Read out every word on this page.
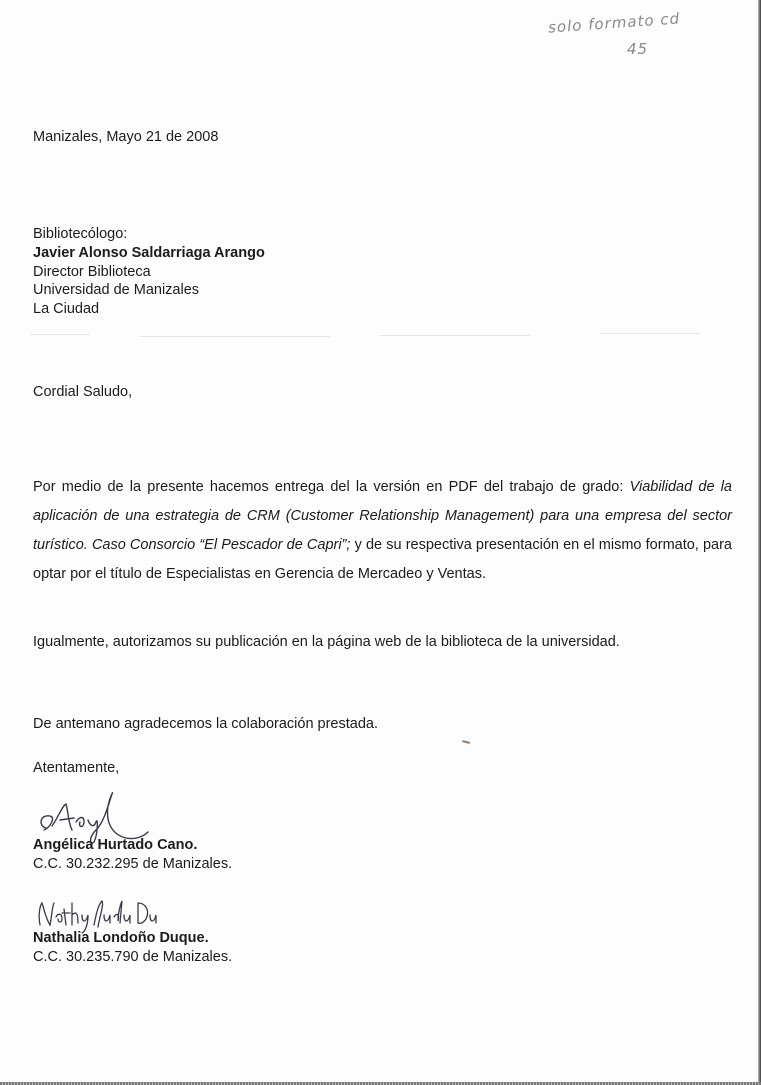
solo formato cd
45
Manizales, Mayo 21 de 2008
Bibliotecólogo:
Javier Alonso Saldarriaga Arango
Director Biblioteca
Universidad de Manizales
La Ciudad
Cordial Saludo,
Por medio de la presente hacemos entrega del la versión en PDF del trabajo de grado: Viabilidad de la aplicación de una estrategia de CRM (Customer Relationship Management) para una empresa del sector turístico. Caso Consorcio “El Pescador de Capri”; y de su respectiva presentación en el mismo formato, para optar por el título de Especialistas en Gerencia de Mercadeo y Ventas.
Igualmente, autorizamos su publicación en la página web de la biblioteca de la universidad.
De antemano agradecemos la colaboración prestada.
Atentamente,
Angélica Hurtado Cano.
C.C. 30.232.295 de Manizales.
Nathalia Londoño Duque.
C.C. 30.235.790 de Manizales.
